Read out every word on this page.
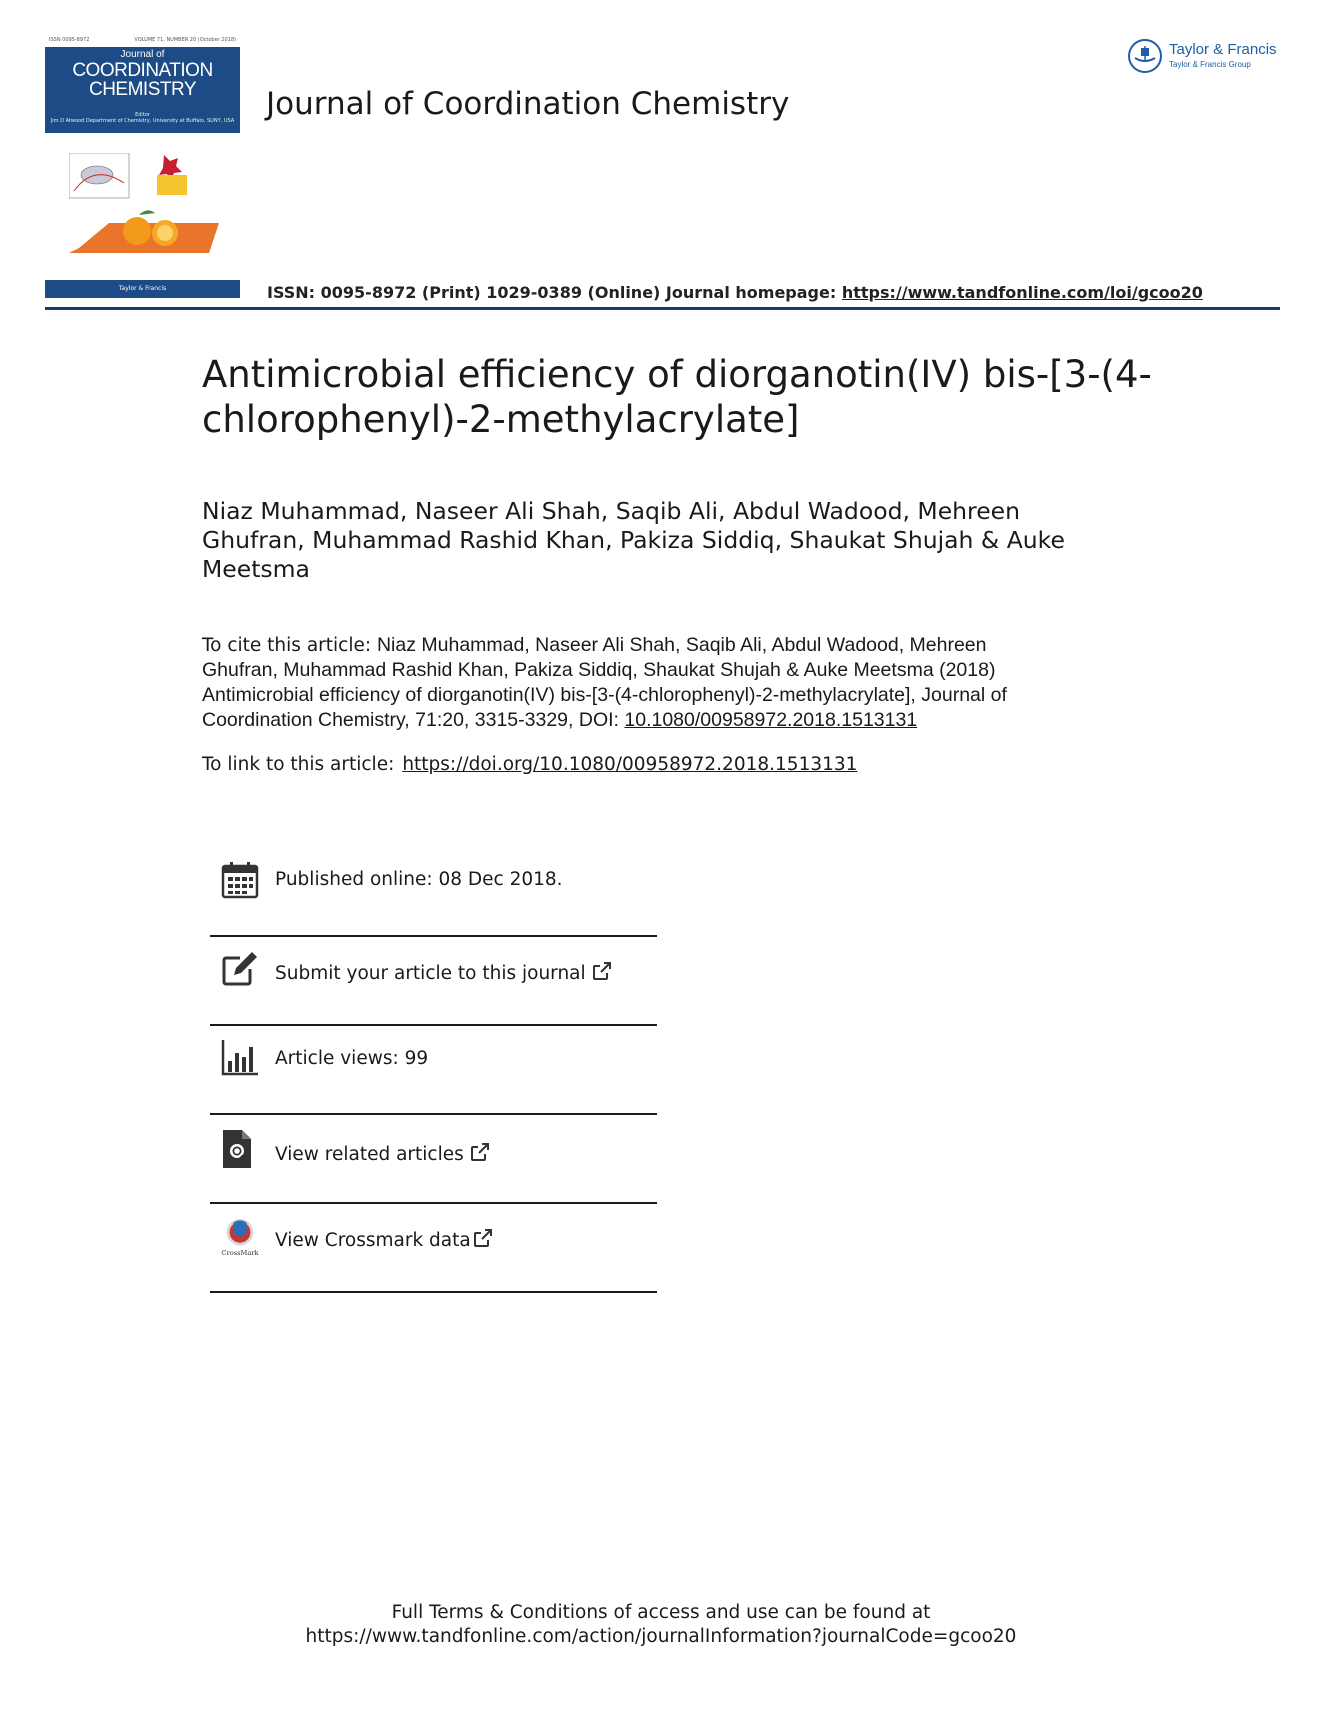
ISSN 0095-8972	VOLUME 71, NUMBER 20 (October 2018)
Journal of
COORDINATION
CHEMISTRY
Editor
Jim D Atwood Department of Chemistry, University at Buffalo, SUNY, USA
Taylor & Francis
Journal of Coordination Chemistry
Taylor & Francis
Taylor & Francis Group
ISSN: 0095-8972 (Print) 1029-0389 (Online) Journal homepage: https://www.tandfonline.com/loi/gcoo20
Antimicrobial efficiency of diorganotin(IV) bis-[3-(4-
chlorophenyl)-2-methylacrylate]
Niaz Muhammad, Naseer Ali Shah, Saqib Ali, Abdul Wadood, Mehreen
Ghufran, Muhammad Rashid Khan, Pakiza Siddiq, Shaukat Shujah & Auke
Meetsma
To cite this article: Niaz Muhammad, Naseer Ali Shah, Saqib Ali, Abdul Wadood, Mehreen
Ghufran, Muhammad Rashid Khan, Pakiza Siddiq, Shaukat Shujah & Auke Meetsma (2018)
Antimicrobial efficiency of diorganotin(IV) bis-[3-(4-chlorophenyl)-2-methylacrylate], Journal of
Coordination Chemistry, 71:20, 3315-3329, DOI: 10.1080/00958972.2018.1513131
To link to this article: https://doi.org/10.1080/00958972.2018.1513131
Published online: 08 Dec 2018.
Submit your article to this journal
Article views: 99
View related articles
CrossMark
View Crossmark data
Full Terms & Conditions of access and use can be found at
https://www.tandfonline.com/action/journalInformation?journalCode=gcoo20
